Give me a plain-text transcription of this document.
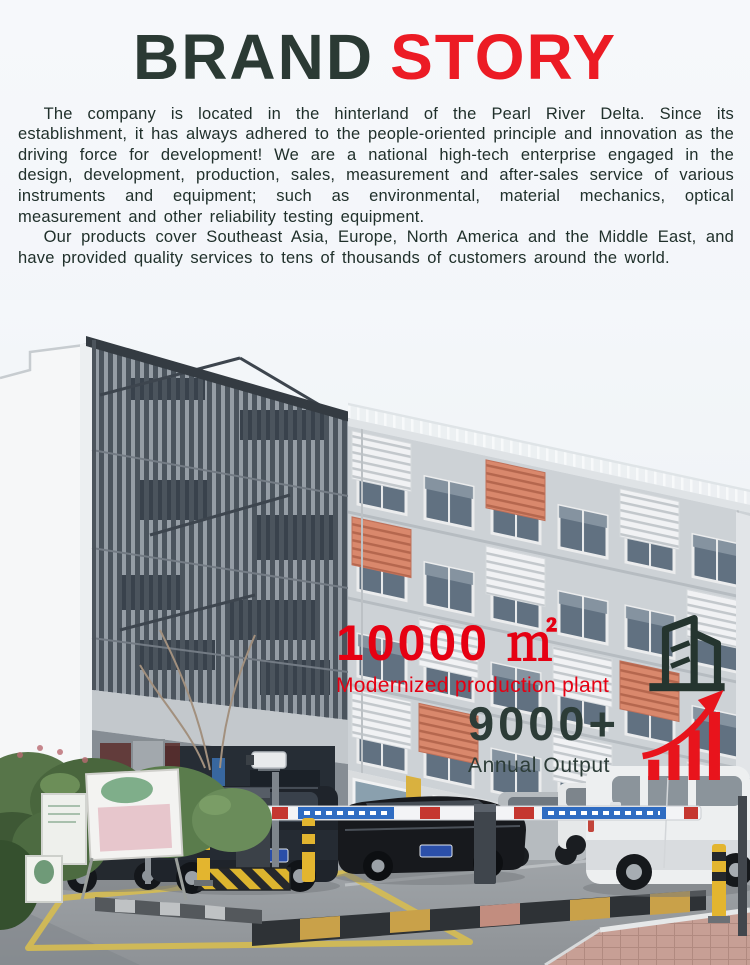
BRAND STORY

The company is located in the hinterland of the Pearl River Delta. Since its establishment, it has always adhered to the people-oriented principle and innovation as the driving force for development! We are a national high-tech enterprise engaged in the design, development, production, sales, measurement and after-sales service of various instruments and equipment; such as environmental, material mechanics, optical measurement and other reliability testing equipment.

Our products cover Southeast Asia, Europe, North America and the Middle East, and have provided quality services to tens of thousands of customers around the world.

10000 ㎡
Modernized production plant
9000+
Annual Output
